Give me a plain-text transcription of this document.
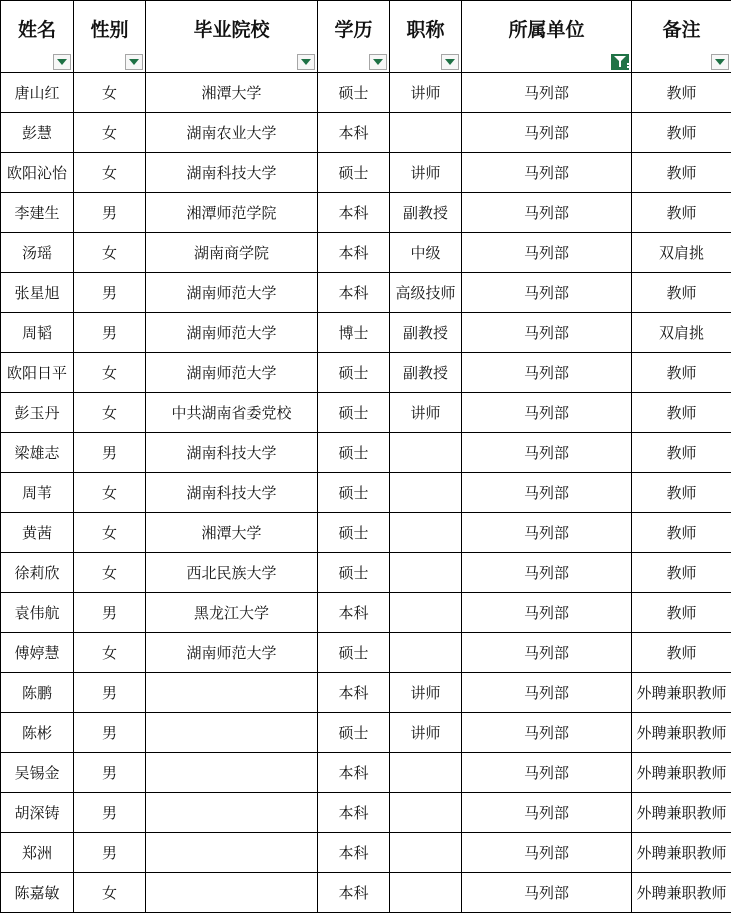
姓名	性别	毕业院校	学历	职称	所属单位	备注

唐山红	女	湘潭大学	硕士	讲师	马列部	教师
彭慧	女	湖南农业大学	本科		马列部	教师
欧阳沁怡	女	湖南科技大学	硕士	讲师	马列部	教师
李建生	男	湘潭师范学院	本科	副教授	马列部	教师
汤瑶	女	湖南商学院	本科	中级	马列部	双肩挑
张星旭	男	湖南师范大学	本科	高级技师	马列部	教师
周韬	男	湖南师范大学	博士	副教授	马列部	双肩挑
欧阳日平	女	湖南师范大学	硕士	副教授	马列部	教师
彭玉丹	女	中共湖南省委党校	硕士	讲师	马列部	教师
梁雄志	男	湖南科技大学	硕士		马列部	教师
周苇	女	湖南科技大学	硕士		马列部	教师
黄茜	女	湘潭大学	硕士		马列部	教师
徐莉欣	女	西北民族大学	硕士		马列部	教师
袁伟航	男	黑龙江大学	本科		马列部	教师
傅婷慧	女	湖南师范大学	硕士		马列部	教师
陈鹏	男		本科	讲师	马列部	外聘兼职教师
陈彬	男		硕士	讲师	马列部	外聘兼职教师
吴锡金	男		本科		马列部	外聘兼职教师
胡深铸	男		本科		马列部	外聘兼职教师
郑洲	男		本科		马列部	外聘兼职教师
陈嘉敏	女		本科		马列部	外聘兼职教师
